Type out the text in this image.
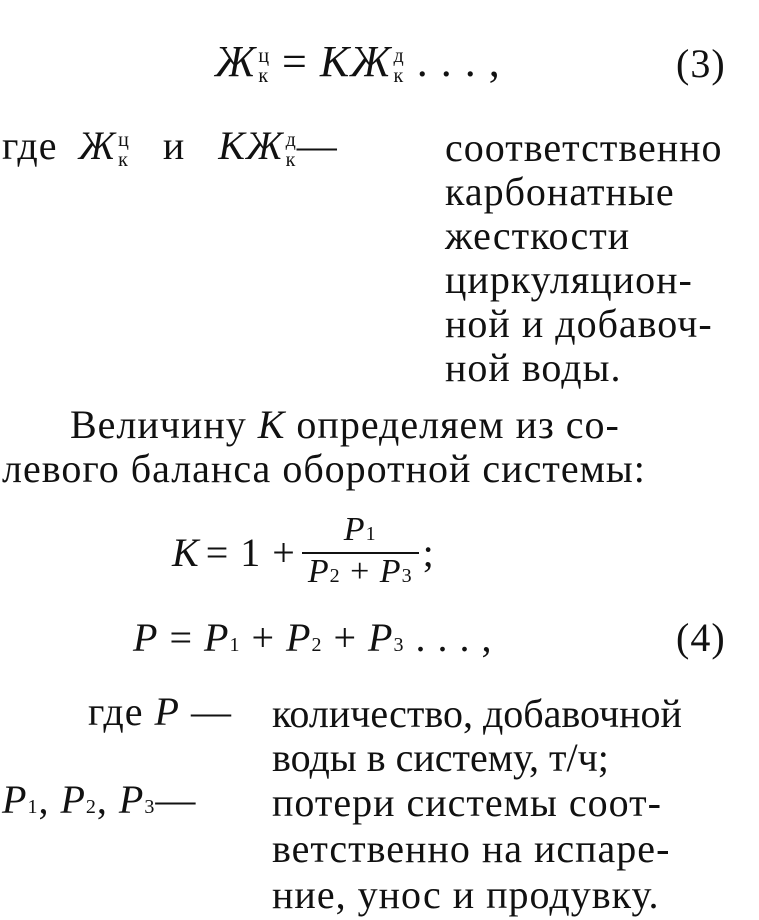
Ж ц
к = KЖ д
к . . . ,	(3)
где Ж ц
к и KЖ д
к —	соответственно
карбонатные
жесткости
циркуляцион-
ной и добавоч-
ной воды.
Величину K определяем из со-
левого баланса оборотной системы:
$K = 1 + \frac{P1}{P2 + P3}$ ;
P = P1 + P2 + P3 . . . ,	(4)
где P — количество, добавочной
воды в систему, т/ч;
P1, P2, P3— потери системы соот-
ветственно на испаре-
ние, унос и продувку.
